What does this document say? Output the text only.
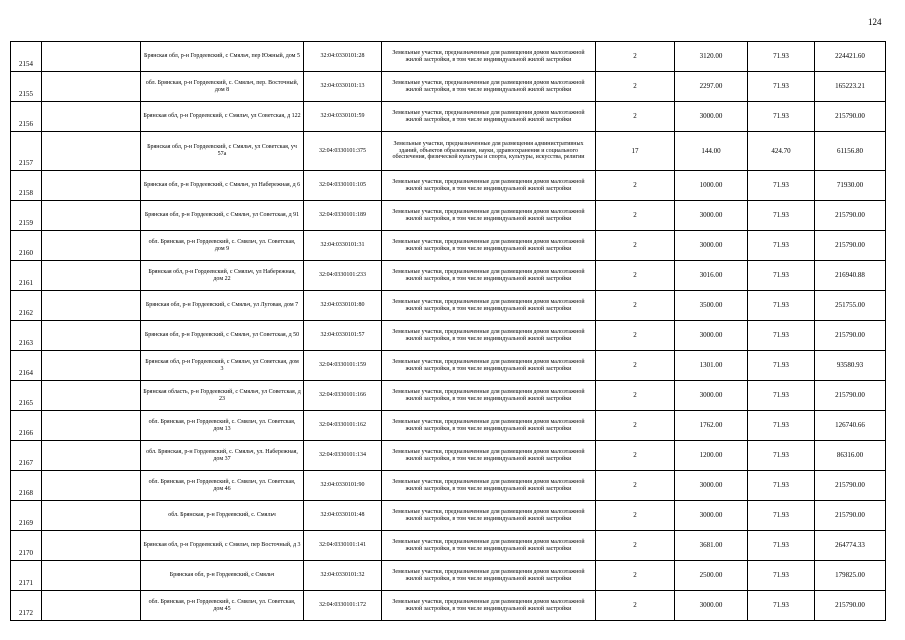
124
2154		Брянская обл, р-н Гордеевский, с Смяльч, пер Южный, дом 5	32:04:0330101:28	Земельные участки, предназначенные для размещения домов малоэтажной жилой застройки, в том числе индивидуальной жилой застройки	2	3120.00	71.93	224421.60
2155		обл. Брянская, р-н Гордеевский, с. Смяльч, пер. Восточный, дом 8	32:04:0330101:13	Земельные участки, предназначенные для размещения домов малоэтажной жилой застройки, в том числе индивидуальной жилой застройки	2	2297.00	71.93	165223.21
2156		Брянская обл, р-н Гордеевский, с Смяльч, ул Советская, д 122	32:04:0330101:59	Земельные участки, предназначенные для размещения домов малоэтажной жилой застройки, в том числе индивидуальной жилой застройки	2	3000.00	71.93	215790.00
2157		Брянская обл, р-н Гордеевский, с Смяльч, ул Советская, уч 57а	32:04:0330101:375	Земельные участки, предназначенные для размещения административных зданий, объектов образования, науки, здравоохранения и социального обеспечения, физической культуры и спорта, культуры, искусства, религии	17	144.00	424.70	61156.80
2158		Брянская обл, р-н Гордеевский, с Смяльч, ул Набережная, д 6	32:04:0330101:105	Земельные участки, предназначенные для размещения домов малоэтажной жилой застройки, в том числе индивидуальной жилой застройки	2	1000.00	71.93	71930.00
2159		Брянская обл, р-н Гордеевский, с Смяльч, ул Советская, д 91	32:04:0330101:189	Земельные участки, предназначенные для размещения домов малоэтажной жилой застройки, в том числе индивидуальной жилой застройки	2	3000.00	71.93	215790.00
2160		обл. Брянская, р-н Гордеевский, с. Смяльч, ул. Советская, дом 9	32:04:0330101:31	Земельные участки, предназначенные для размещения домов малоэтажной жилой застройки, в том числе индивидуальной жилой застройки	2	3000.00	71.93	215790.00
2161		Брянская обл, р-н Гордеевский, с Смяльч, ул Набережная, дом 22	32:04:0330101:233	Земельные участки, предназначенные для размещения домов малоэтажной жилой застройки, в том числе индивидуальной жилой застройки	2	3016.00	71.93	216940.88
2162		Брянская обл, р-н Гордеевский, с Смяльч, ул Луговая, дом 7	32:04:0330101:80	Земельные участки, предназначенные для размещения домов малоэтажной жилой застройки, в том числе индивидуальной жилой застройки	2	3500.00	71.93	251755.00
2163		Брянская обл, р-н Гордеевский, с Смяльч, ул Советская, д 50	32:04:0330101:57	Земельные участки, предназначенные для размещения домов малоэтажной жилой застройки, в том числе индивидуальной жилой застройки	2	3000.00	71.93	215790.00
2164		Брянская обл, р-н Гордеевский, с Смяльч, ул Советская, дом 3	32:04:0330101:159	Земельные участки, предназначенные для размещения домов малоэтажной жилой застройки, в том числе индивидуальной жилой застройки	2	1301.00	71.93	93580.93
2165		Брянская область, р-н Гордеевский, с Смяльч, ул Советская, д 23	32:04:0330101:166	Земельные участки, предназначенные для размещения домов малоэтажной жилой застройки, в том числе индивидуальной жилой застройки	2	3000.00	71.93	215790.00
2166		обл. Брянская, р-н Гордеевский, с. Смяльч, ул. Советская, дом 13	32:04:0330101:162	Земельные участки, предназначенные для размещения домов малоэтажной жилой застройки, в том числе индивидуальной жилой застройки	2	1762.00	71.93	126740.66
2167		обл. Брянская, р-н Гордеевский, с. Смяльч, ул. Набережная, дом 37	32:04:0330101:134	Земельные участки, предназначенные для размещения домов малоэтажной жилой застройки, в том числе индивидуальной жилой застройки	2	1200.00	71.93	86316.00
2168		обл. Брянская, р-н Гордеевский, с. Смяльч, ул. Советская, дом 46	32:04:0330101:90	Земельные участки, предназначенные для размещения домов малоэтажной жилой застройки, в том числе индивидуальной жилой застройки	2	3000.00	71.93	215790.00
2169		обл. Брянская, р-н Гордеевский, с. Смяльч	32:04:0330101:48	Земельные участки, предназначенные для размещения домов малоэтажной жилой застройки, в том числе индивидуальной жилой застройки	2	3000.00	71.93	215790.00
2170		Брянская обл, р-н Гордеевский, с Смяльч, пер Восточный, д 3	32:04:0330101:141	Земельные участки, предназначенные для размещения домов малоэтажной жилой застройки, в том числе индивидуальной жилой застройки	2	3681.00	71.93	264774.33
2171		Брянская обл, р-н Гордеевский, с Смяльч	32:04:0330101:32	Земельные участки, предназначенные для размещения домов малоэтажной жилой застройки, в том числе индивидуальной жилой застройки	2	2500.00	71.93	179825.00
2172		обл. Брянская, р-н Гордеевский, с. Смяльч, ул. Советская, дом 45	32:04:0330101:172	Земельные участки, предназначенные для размещения домов малоэтажной жилой застройки, в том числе индивидуальной жилой застройки	2	3000.00	71.93	215790.00
